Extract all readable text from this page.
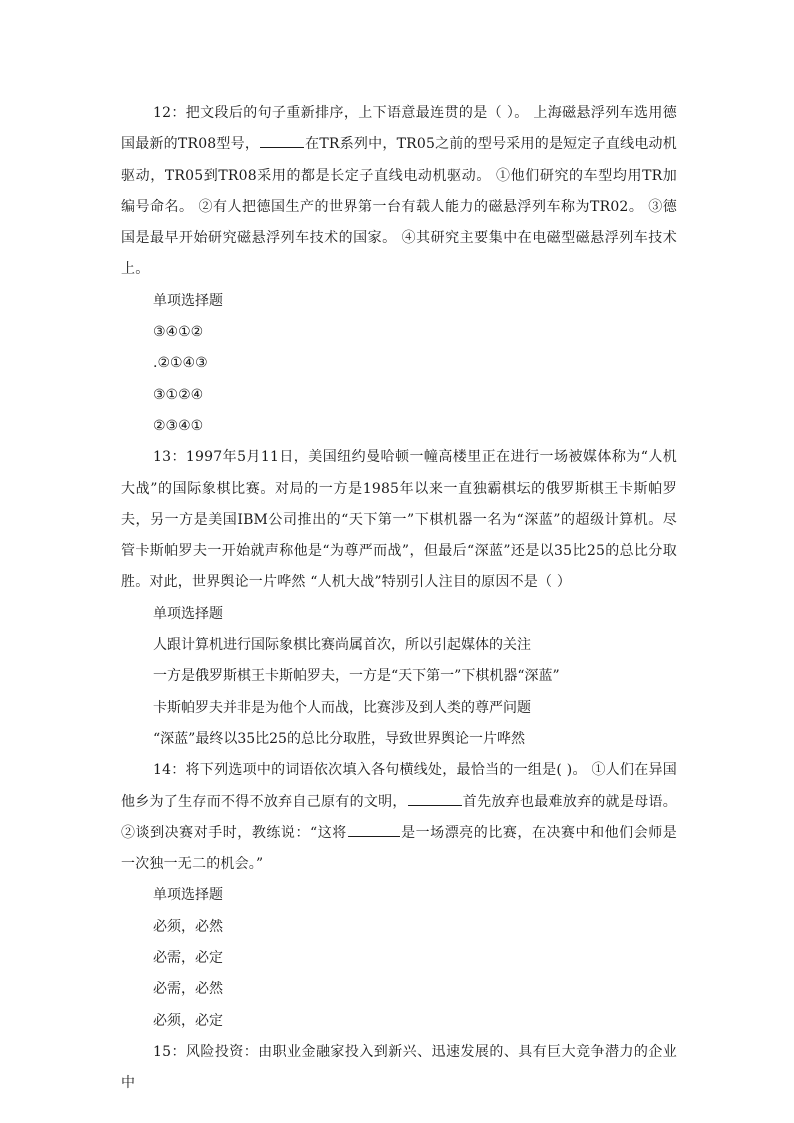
12：把文段后的句子重新排序，上下语意最连贯的是（ ）。 上海磁悬浮列车选用德国最新的TR08型号，	在TR系列中，TR05之前的型号采用的是短定子直线电动机驱动，TR05到TR08采用的都是长定子直线电动机驱动。 ①他们研究的车型均用TR加编号命名。 ②有人把德国生产的世界第一台有载人能力的磁悬浮列车称为TR02。 ③德国是最早开始研究磁悬浮列车技术的国家。 ④其研究主要集中在电磁型磁悬浮列车技术上。

单项选择题

③④①②

.②①④③

③①②④

②③④①

13：1997年5月11日，美国纽约曼哈顿一幢高楼里正在进行一场被媒体称为“人机大战”的国际象棋比赛。对局的一方是1985年以来一直独霸棋坛的俄罗斯棋王卡斯帕罗夫，另一方是美国IBM公司推出的“天下第一”下棋机器一名为“深蓝”的超级计算机。尽管卡斯帕罗夫一开始就声称他是“为尊严而战”，但最后“深蓝”还是以35比25的总比分取胜。对此，世界舆论一片哗然 “人机大战”特别引人注目的原因不是（ ）

单项选择题

人跟计算机进行国际象棋比赛尚属首次，所以引起媒体的关注

一方是俄罗斯棋王卡斯帕罗夫，一方是“天下第一”下棋机器“深蓝”

卡斯帕罗夫并非是为他个人而战，比赛涉及到人类的尊严问题

“深蓝”最终以35比25的总比分取胜，导致世界舆论一片哗然

14：将下列选项中的词语依次填入各句横线处，最恰当的一组是( )。 ①人们在异国他乡为了生存而不得不放弃自己原有的文明，	首先放弃也最难放弃的就是母语。 ②谈到决赛对手时，教练说：“这将	是一场漂亮的比赛，在决赛中和他们会师是一次独一无二的机会。”

单项选择题

必须，必然

必需，必定

必需，必然

必须，必定

15：风险投资：由职业金融家投入到新兴、迅速发展的、具有巨大竞争潜力的企业中
